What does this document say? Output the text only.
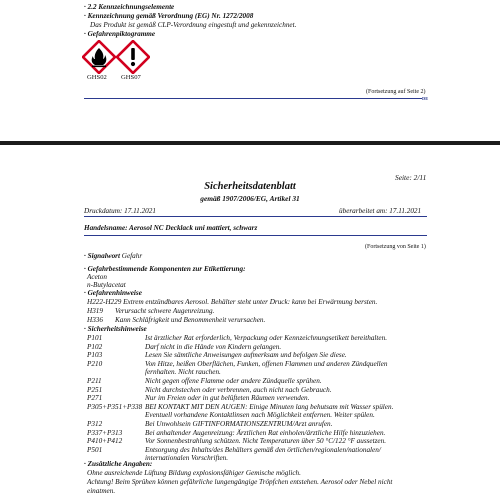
· 2.2 Kennzeichnungselemente
· Kennzeichnung gemäß Verordnung (EG) Nr. 1272/2008
Das Produkt ist gemäß CLP-Verordnung eingestuft und gekennzeichnet.
· Gefahrenpiktogramme
GHS02 GHS07
(Fortsetzung auf Seite 2)
DE
Seite: 2/11
Sicherheitsdatenblatt
gemäß 1907/2006/EG, Artikel 31
Druckdatum: 17.11.2021	überarbeitet am: 17.11.2021
Handelsname: Aerosol NC Decklack uni mattiert, schwarz
(Fortsetzung von Seite 1)
· Signalwort Gefahr
· Gefahrbestimmende Komponenten zur Etikettierung:
Aceton
n-Butylacetat
· Gefahrenhinweise
H222-H229 Extrem entzündbares Aerosol. Behälter steht unter Druck: kann bei Erwärmung bersten.
H319 Verursacht schwere Augenreizung.
H336 Kann Schläfrigkeit und Benommenheit verursachen.
· Sicherheitshinweise
P101	Ist ärztlicher Rat erforderlich, Verpackung oder Kennzeichnungsetikett bereithalten.
P102	Darf nicht in die Hände von Kindern gelangen.
P103	Lesen Sie sämtliche Anweisungen aufmerksam und befolgen Sie diese.
P210	Von Hitze, heißen Oberflächen, Funken, offenen Flammen und anderen Zündquellen
fernhalten. Nicht rauchen.
P211	Nicht gegen offene Flamme oder andere Zündquelle sprühen.
P251	Nicht durchstechen oder verbrennen, auch nicht nach Gebrauch.
P271	Nur im Freien oder in gut belüfteten Räumen verwenden.
P305+P351+P338 BEI KONTAKT MIT DEN AUGEN: Einige Minuten lang behutsam mit Wasser spülen.
Eventuell vorhandene Kontaktlinsen nach Möglichkeit entfernen. Weiter spülen.
P312	Bei Unwohlsein GIFTINFORMATIONSZENTRUM/Arzt anrufen.
P337+P313	Bei anhaltender Augenreizung: Ärztlichen Rat einholen/ärztliche Hilfe hinzuziehen.
P410+P412	Vor Sonnenbestrahlung schützen. Nicht Temperaturen über 50 °C/122 °F aussetzen.
P501	Entsorgung des Inhalts/des Behälters gemäß den örtlichen/regionalen/nationalen/
internationalen Vorschriften.
· Zusätzliche Angaben:
Ohne ausreichende Lüftung Bildung explosionsfähiger Gemische möglich.
Achtung! Beim Sprühen können gefährliche lungengängige Tröpfchen entstehen. Aerosol oder Nebel nicht
einatmen.
